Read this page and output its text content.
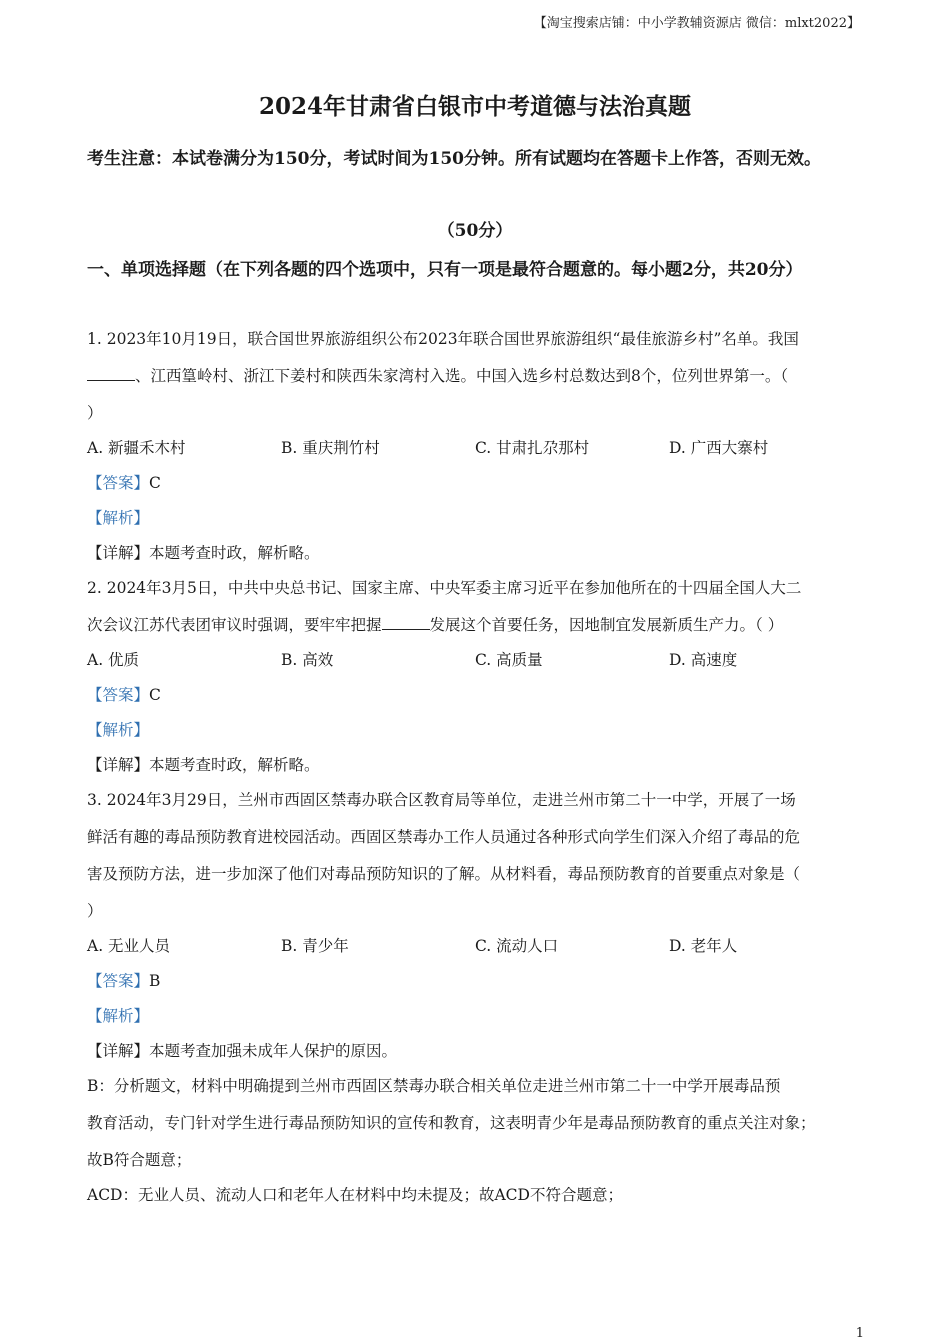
【淘宝搜索店铺：中小学教辅资源店 微信：mlxt2022】
2024年甘肃省白银市中考道德与法治真题
考生注意：本试卷满分为150分，考试时间为150分钟。所有试题均在答题卡上作答，否则无效。
（50分）
一、单项选择题（在下列各题的四个选项中，只有一项是最符合题意的。每小题2分，共20分）
1. 2023年10月19日，联合国世界旅游组织公布2023年联合国世界旅游组织“最佳旅游乡村”名单。我国
、江西篁岭村、浙江下姜村和陕西朱家湾村入选。中国入选乡村总数达到8个，位列世界第一。（
）
A. 新疆禾木村	B. 重庆荆竹村	C. 甘肃扎尕那村	D. 广西大寨村
【答案】C
【解析】
【详解】本题考查时政，解析略。
2. 2024年3月5日，中共中央总书记、国家主席、中央军委主席习近平在参加他所在的十四届全国人大二
次会议江苏代表团审议时强调，要牢牢把握	发展这个首要任务，因地制宜发展新质生产力。（ ）
A. 优质	B. 高效	C. 高质量	D. 高速度
【答案】C
【解析】
【详解】本题考查时政，解析略。
3. 2024年3月29日，兰州市西固区禁毒办联合区教育局等单位，走进兰州市第二十一中学，开展了一场
鲜活有趣的毒品预防教育进校园活动。西固区禁毒办工作人员通过各种形式向学生们深入介绍了毒品的危
害及预防方法，进一步加深了他们对毒品预防知识的了解。从材料看，毒品预防教育的首要重点对象是（
）
A. 无业人员	B. 青少年	C. 流动人口	D. 老年人
【答案】B
【解析】
【详解】本题考查加强未成年人保护的原因。
B：分析题文，材料中明确提到兰州市西固区禁毒办联合相关单位走进兰州市第二十一中学开展毒品预
教育活动，专门针对学生进行毒品预防知识的宣传和教育，这表明青少年是毒品预防教育的重点关注对象；
故B符合题意；
ACD：无业人员、流动人口和老年人在材料中均未提及；故ACD不符合题意；
1
